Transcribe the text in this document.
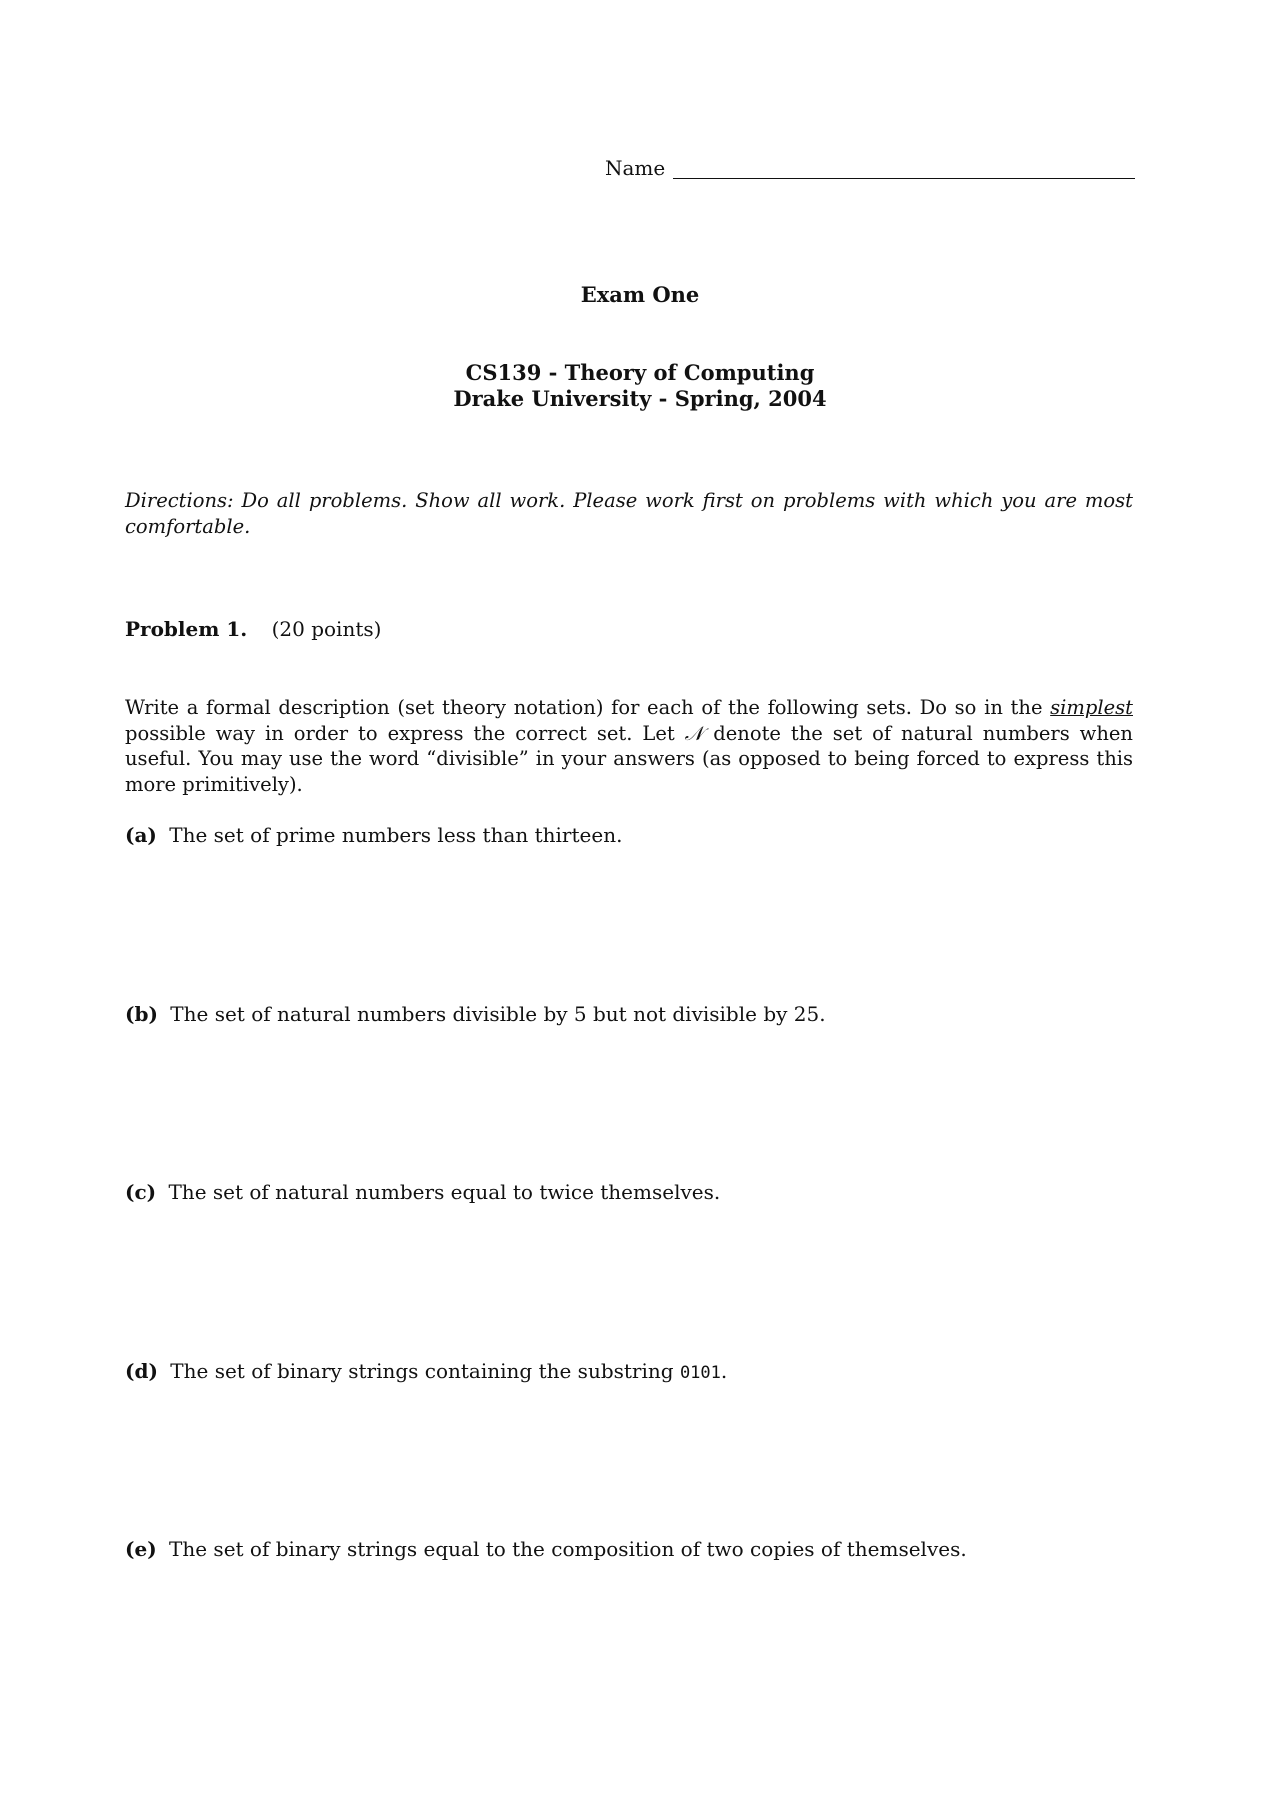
Name
Exam One
CS139 - Theory of Computing
Drake University - Spring, 2004

Directions: Do all problems. Show all work. Please work first on problems with which you are most comfortable.

Problem 1. (20 points)

Write a formal description (set theory notation) for each of the following sets. Do so in the simplest possible way in order to express the correct set. Let 𝒩 denote the set of natural numbers when useful. You may use the word “divisible” in your answers (as opposed to being forced to express this more primitively).

(a) The set of prime numbers less than thirteen.
(b) The set of natural numbers divisible by 5 but not divisible by 25.
(c) The set of natural numbers equal to twice themselves.
(d) The set of binary strings containing the substring 0101.
(e) The set of binary strings equal to the composition of two copies of themselves.
